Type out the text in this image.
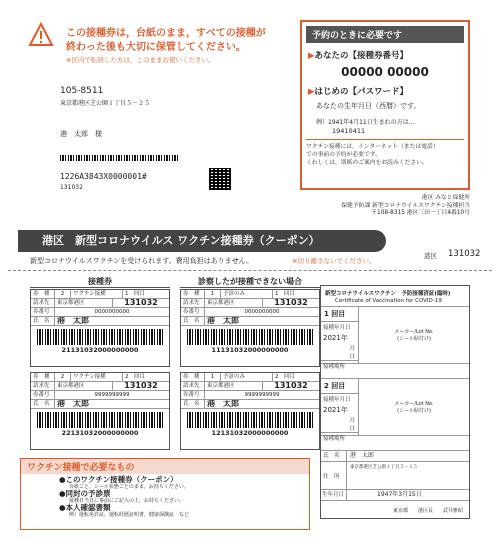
この接種券は，台紙のまま，すべての接種が
終わった後も大切に保管してください。
※区内で転居した方は，このままお使いください。
105-8511
東京都港区芝公園１丁目５－２５
港　太郎　様
1226A3843X0000001#
131032
予約のときに必要です
▶あなたの【接種券番号】
00000 00000
▶はじめの【パスワード】
あなたの生年月日（西暦）です。
例）1941年4月11日生まれの方は…
19410411
ワクチン接種には，インターネット（または電話）
での事前の予約が必要です。
くわしくは，別紙のご案内をお読みください。
港区 みなと保健所
保健予防課 新型コロナウイルスワクチン接種担当
〒108-8315 港区三田一丁目4番10号
港区　新型コロナウイルス ワクチン接種券（クーポン）
港区 131032
新型コロナウイルスワクチンを受けられます。費用負担はありません。	※切り離さないでください。
接種券	診察したが接種できない場合
券　種	2	ワクチン接種	1　回目
請求先	東京都港区	131032
券番号	0000000000
氏　名 港　太郎
21131032000000000
券　種	1	予診のみ	1　回目
請求先	東京都港区	131032
券番号	0000000000
氏　名 港　太郎
11131032000000000
券　種	2	ワクチン接種	2　回目
請求先	東京都港区	131032
券番号	9999999999
氏　名 港　太郎
22131032000000000
券　種	1	予診のみ	2　回目
請求先	東京都港区	131032
券番号	9999999999
氏　名 港　太郎
12131032000000000
新型コロナウイルスワクチン　予防接種済証(臨時)
Certificate of Vaccination for COVID-19
1 回目
接種年月日
2021年
月
日
接種場所
メーカー/Lot No.
(シール貼付け)
2 回目
接種年月日
2021年
月
日
接種場所
メーカー/Lot No.
(シール貼付け)
氏　名	港　太郎
住　所
東京都港区芝公園１丁目５－２５
生年月日	1947年3月15日
東京都　　港区長　　武井雅昭
ワクチン接種で必要なもの
●このワクチン接種券（クーポン）
台紙ごと，シール状態ごとのまま，お持ちください。
●同封の予診票
接種日当日に事前にご記入の上，お持ちください。
●本人確認書類
例）運転免許証，運転経歴証明書，健康保険証　など
